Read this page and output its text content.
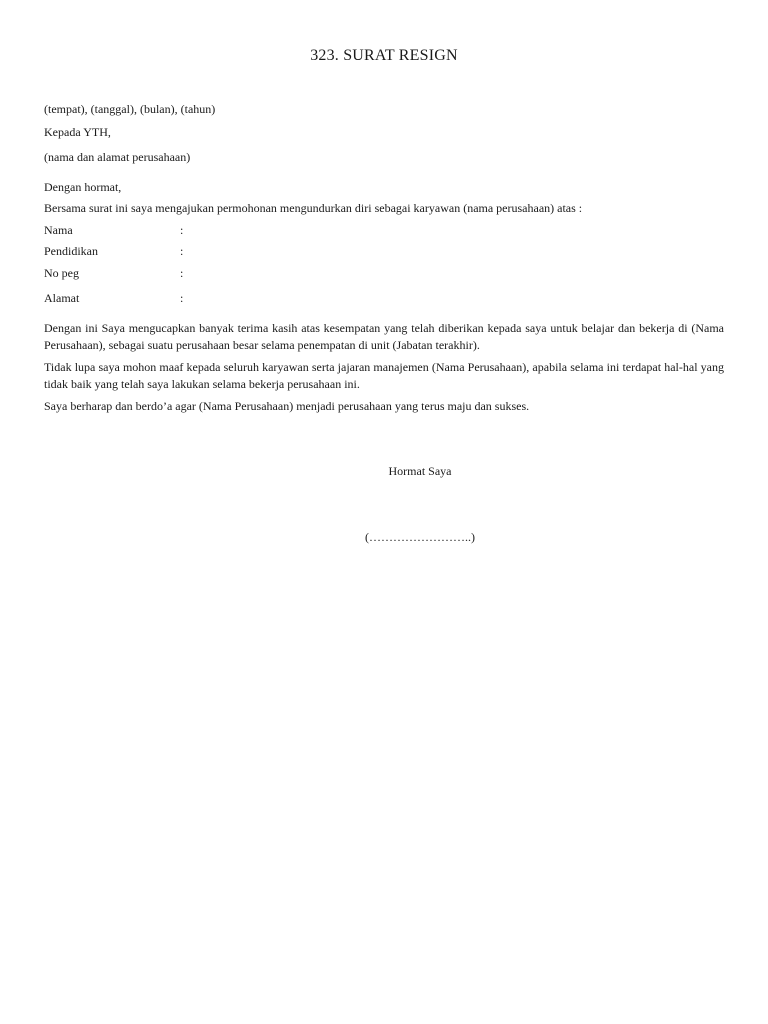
323. SURAT RESIGN
(tempat), (tanggal), (bulan), (tahun)
Kepada YTH,
(nama dan alamat perusahaan)
Dengan hormat,
Bersama surat ini saya mengajukan permohonan mengundurkan diri sebagai karyawan (nama perusahaan) atas :
Nama	:
Pendidikan	:
No peg	:
Alamat	:
Dengan ini Saya mengucapkan banyak terima kasih atas kesempatan yang telah diberikan kepada saya untuk belajar dan bekerja di (Nama Perusahaan), sebagai suatu perusahaan besar selama penempatan di unit (Jabatan terakhir).
Tidak lupa saya mohon maaf kepada seluruh karyawan serta jajaran manajemen (Nama Perusahaan), apabila selama ini terdapat hal-hal yang tidak baik yang telah saya lakukan selama bekerja perusahaan ini.
Saya berharap dan berdo’a agar (Nama Perusahaan) menjadi perusahaan yang terus maju dan sukses.
Hormat Saya
(……………………..)
